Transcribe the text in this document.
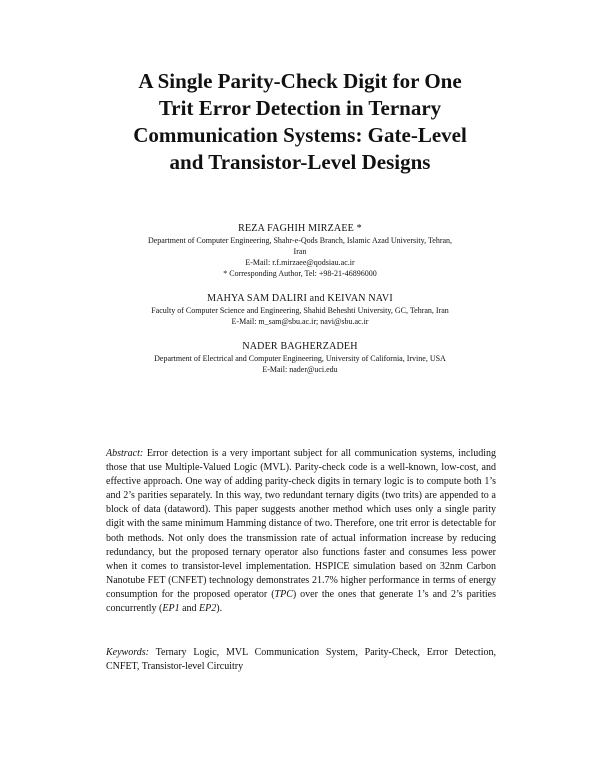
A Single Parity-Check Digit for One
Trit Error Detection in Ternary
Communication Systems: Gate-Level
and Transistor-Level Designs
REZA FAGHIH MIRZAEE *
Department of Computer Engineering, Shahr-e-Qods Branch, Islamic Azad University, Tehran,
Iran
E-Mail: r.f.mirzaee@qodsiau.ac.ir
* Corresponding Author, Tel: +98-21-46896000
MAHYA SAM DALIRI and KEIVAN NAVI
Faculty of Computer Science and Engineering, Shahid Beheshti University, GC, Tehran, Iran
E-Mail: m_sam@sbu.ac.ir; navi@sbu.ac.ir
NADER BAGHERZADEH
Department of Electrical and Computer Engineering, University of California, Irvine, USA
E-Mail: nader@uci.edu
Abstract: Error detection is a very important subject for all communication systems, including those that use Multiple-Valued Logic (MVL). Parity-check code is a well-known, low-cost, and effective approach. One way of adding parity-check digits in ternary logic is to compute both 1’s and 2’s parities separately. In this way, two redundant ternary digits (two trits) are appended to a block of data (dataword). This paper suggests another method which uses only a single parity digit with the same minimum Hamming distance of two. Therefore, one trit error is detectable for both methods. Not only does the transmission rate of actual information increase by reducing redundancy, but the proposed ternary operator also functions faster and consumes less power when it comes to transistor-level implementation. HSPICE simulation based on 32nm Carbon Nanotube FET (CNFET) technology demonstrates 21.7% higher performance in terms of energy consumption for the proposed operator (TPC) over the ones that generate 1’s and 2’s parities concurrently (EP1 and EP2).
Keywords: Ternary Logic, MVL Communication System, Parity-Check, Error Detection, CNFET, Transistor-level Circuitry
